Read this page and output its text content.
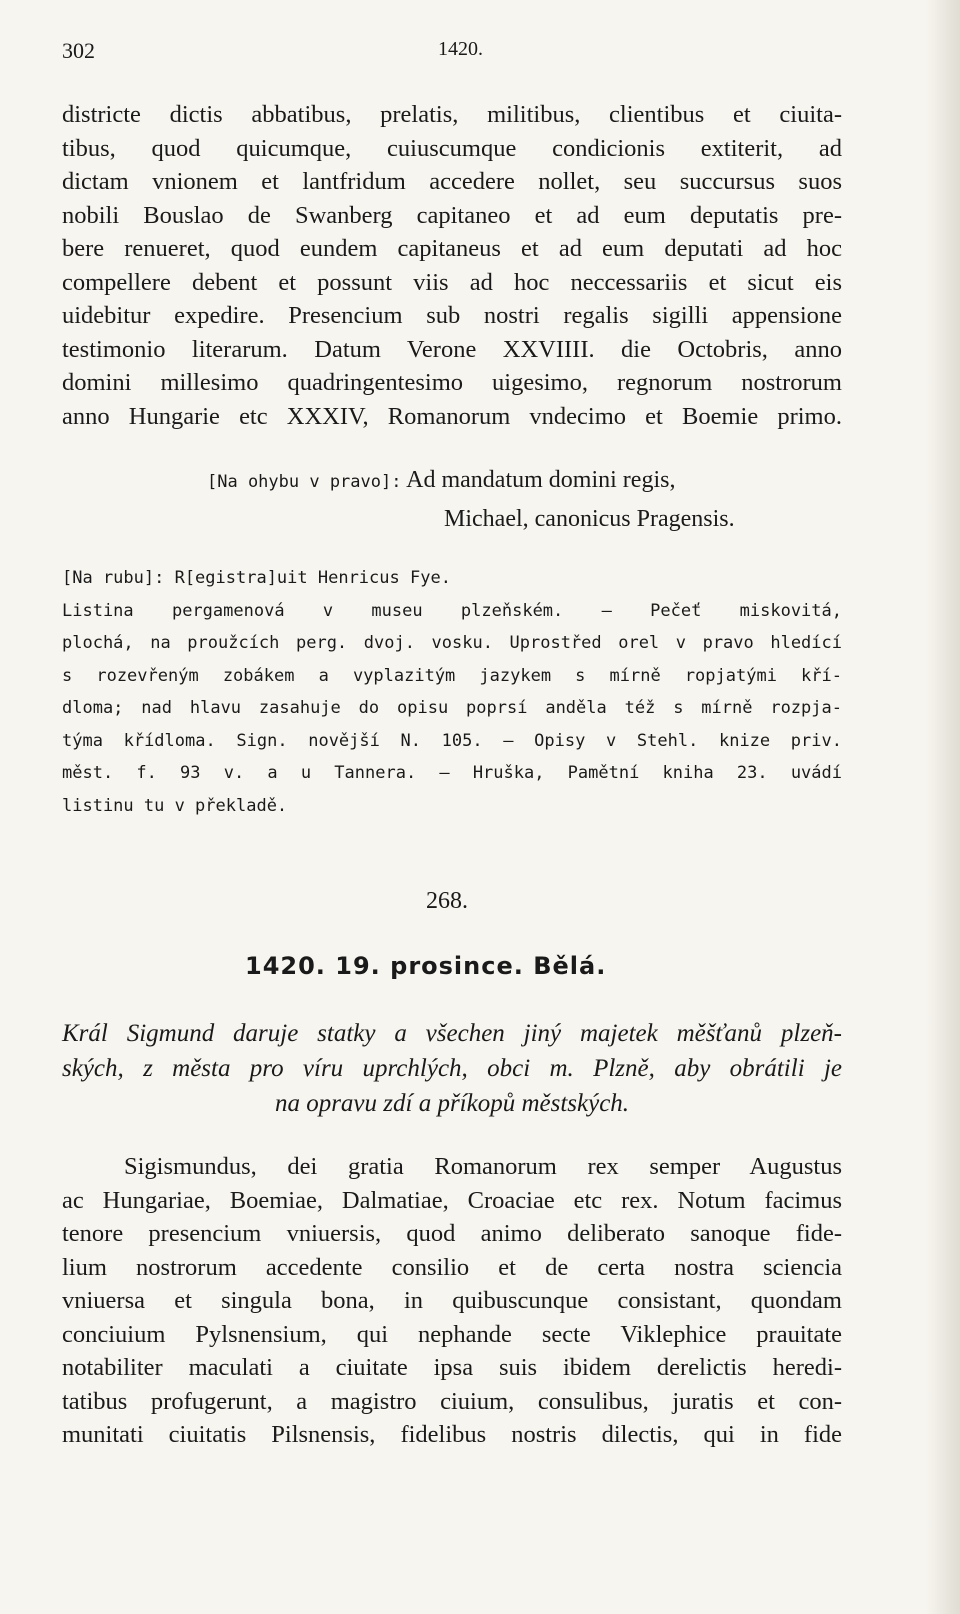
302	1420.
districte dictis abbatibus, prelatis, militibus, clientibus et ciuita-
tibus, quod quicumque, cuiuscumque condicionis extiterit, ad
dictam vnionem et lantfridum accedere nollet, seu succursus suos
nobili Bouslao de Swanberg capitaneo et ad eum deputatis pre-
bere renueret, quod eundem capitaneus et ad eum deputati ad hoc
compellere debent et possunt viis ad hoc neccessariis et sicut eis
uidebitur expedire. Presencium sub nostri regalis sigilli appensione
testimonio literarum. Datum Verone XXVIIII. die Octobris, anno
domini millesimo quadringentesimo uigesimo, regnorum nostrorum
anno Hungarie etc XXXIV, Romanorum vndecimo et Boemie primo.
[Na ohybu v pravo]: Ad mandatum domini regis,
Michael, canonicus Pragensis.
[Na rubu]: R[egistra]uit Henricus Fye.
Listina pergamenová v museu plzeňském. — Pečeť miskovitá,
plochá, na proužcích perg. dvoj. vosku. Uprostřed orel v pravo hledící
s rozevřeným zobákem a vyplazitým jazykem s mírně ropjatými kří-
dloma; nad hlavu zasahuje do opisu poprsí anděla též s mírně rozpja-
týma křídloma. Sign. novější N. 105. — Opisy v Stehl. knize priv.
měst. f. 93 v. a u Tannera. — Hruška, Pamětní kniha 23. uvádí
listinu tu v překladě.
268.
1420. 19. prosince. Bělá.
Král Sigmund daruje statky a všechen jiný majetek měšťanů plzeň-
ských, z města pro víru uprchlých, obci m. Plzně, aby obrátili je
na opravu zdí a příkopů městských.
Sigismundus, dei gratia Romanorum rex semper Augustus
ac Hungariae, Boemiae, Dalmatiae, Croaciae etc rex. Notum facimus
tenore presencium vniuersis, quod animo deliberato sanoque fide-
lium nostrorum accedente consilio et de certa nostra sciencia
vniuersa et singula bona, in quibuscunque consistant, quondam
conciuium Pylsnensium, qui nephande secte Viklephice prauitate
notabiliter maculati a ciuitate ipsa suis ibidem derelictis heredi-
tatibus profugerunt, a magistro ciuium, consulibus, juratis et con-
munitati ciuitatis Pilsnensis, fidelibus nostris dilectis, qui in fide
